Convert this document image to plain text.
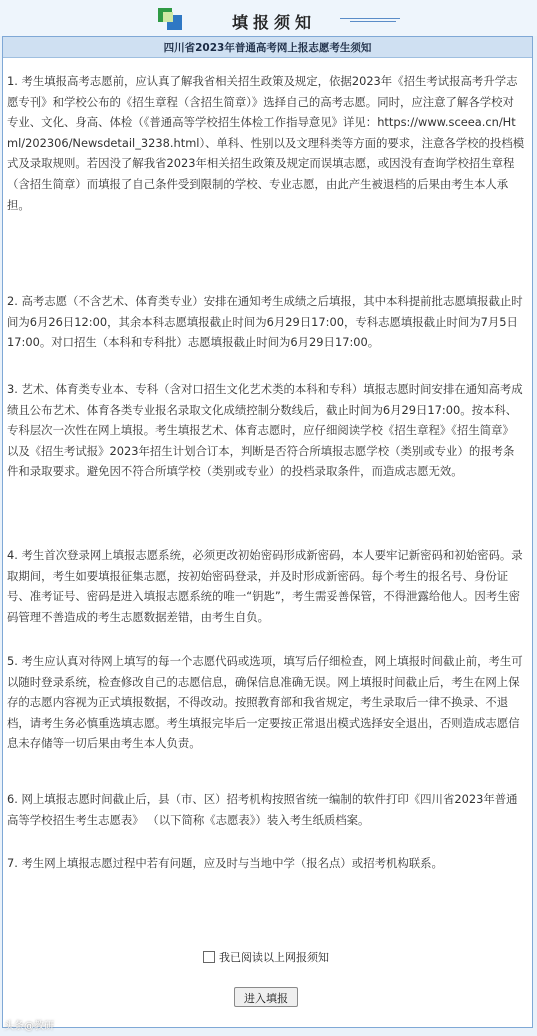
填报须知
四川省2023年普通高考网上报志愿考生须知

1. 考生填报高考志愿前，应认真了解我省相关招生政策及规定，依据2023年《招生考试报高考升学志愿专刊》和学校公布的《招生章程（含招生简章）》选择自己的高考志愿。同时，应注意了解各学校对专业、文化、身高、体检（《普通高等学校招生体检工作指导意见》详见：https://www.sceea.cn/Html/202306/Newsdetail_3238.html）、单科、性别以及文理科类等方面的要求，注意各学校的投档模式及录取规则。若因没了解我省2023年相关招生政策及规定而误填志愿，或因没有查询学校招生章程（含招生简章）而填报了自己条件受到限制的学校、专业志愿，由此产生被退档的后果由考生本人承担。

2. 高考志愿（不含艺术、体育类专业）安排在通知考生成绩之后填报，其中本科提前批志愿填报截止时间为6月26日12:00，其余本科志愿填报截止时间为6月29日17:00，专科志愿填报截止时间为7月5日17:00。对口招生（本科和专科批）志愿填报截止时间为6月29日17:00。

3. 艺术、体育类专业本、专科（含对口招生文化艺术类的本科和专科）填报志愿时间安排在通知高考成绩且公布艺术、体育各类专业报名录取文化成绩控制分数线后，截止时间为6月29日17:00。按本科、专科层次一次性在网上填报。考生填报艺术、体育志愿时，应仔细阅读学校《招生章程》《招生简章》以及《招生考试报》2023年招生计划合订本，判断是否符合所填报志愿学校（类别或专业）的报考条件和录取要求。避免因不符合所填学校（类别或专业）的投档录取条件，而造成志愿无效。

4. 考生首次登录网上填报志愿系统，必须更改初始密码形成新密码，本人要牢记新密码和初始密码。录取期间，考生如要填报征集志愿，按初始密码登录，并及时形成新密码。每个考生的报名号、身份证号、准考证号、密码是进入填报志愿系统的唯一“钥匙”，考生需妥善保管，不得泄露给他人。因考生密码管理不善造成的考生志愿数据差错，由考生自负。

5. 考生应认真对待网上填写的每一个志愿代码或选项，填写后仔细检查，网上填报时间截止前，考生可以随时登录系统，检查修改自己的志愿信息，确保信息准确无误。网上填报时间截止后，考生在网上保存的志愿内容视为正式填报数据，不得改动。按照教育部和我省规定，考生录取后一律不换录、不退档，请考生务必慎重选填志愿。考生填报完毕后一定要按正常退出模式选择安全退出，否则造成志愿信息未存储等一切后果由考生本人负责。

6. 网上填报志愿时间截止后，县（市、区）招考机构按照省统一编制的软件打印《四川省2023年普通高等学校招生考生志愿表》 （以下简称《志愿表》）装入考生纸质档案。

7. 考生网上填报志愿过程中若有问题，应及时与当地中学（报名点）或招考机构联系。

我已阅读以上网报须知
进入填报
头条@教研
